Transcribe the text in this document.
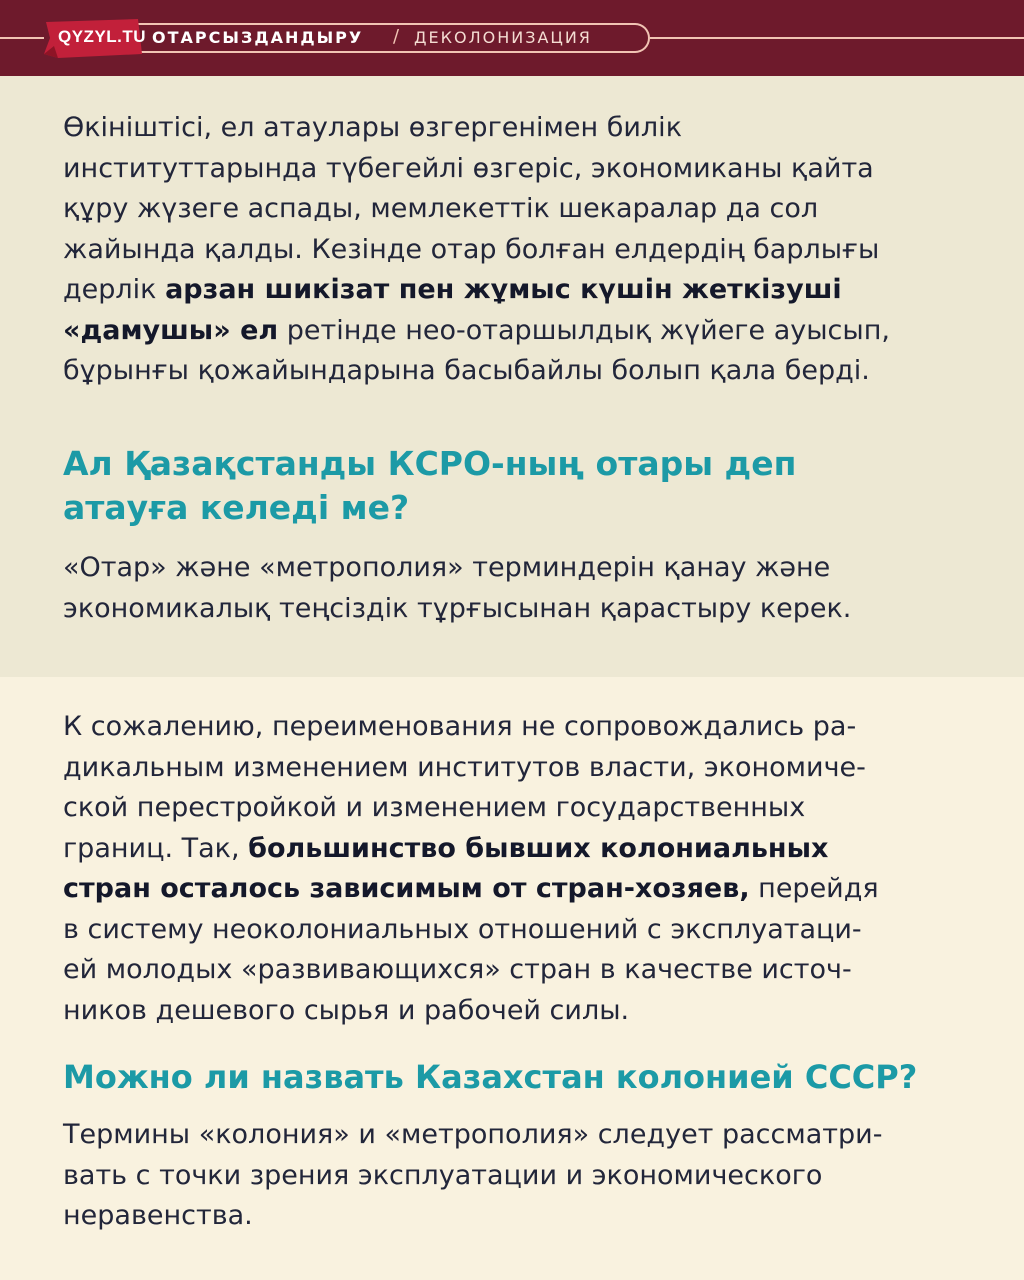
QYZYL.TU ОТАРСЫЗДАНДЫРУ / ДЕКОЛОНИЗАЦИЯ

Өкініштісі, ел атаулары өзгергенімен билік
институттарында түбегейлі өзгеріс, экономиканы қайта
құру жүзеге аспады, мемлекеттік шекаралар да сол
жайында қалды. Кезінде отар болған елдердің барлығы
дерлік арзан шикізат пен жұмыс күшін жеткізуші
«дамушы» ел ретінде нео-отаршылдық жүйеге ауысып,
бұрынғы қожайындарына басыбайлы болып қала берді.

Ал Қазақстанды КСРО-ның отары деп
атауға келеді ме?

«Отар» және «метрополия» терминдерін қанау және
экономикалық теңсіздік тұрғысынан қарастыру керек.

К сожалению, переименования не сопровождались ра-
дикальным изменением институтов власти, экономиче-
ской перестройкой и изменением государственных
границ. Так, большинство бывших колониальных
стран осталось зависимым от стран-хозяев, перейдя
в систему неоколониальных отношений с эксплуатаци-
ей молодых «развивающихся» стран в качестве источ-
ников дешевого сырья и рабочей силы.

Можно ли назвать Казахстан колонией СССР?

Термины «колония» и «метрополия» следует рассматри-
вать с точки зрения эксплуатации и экономического
неравенства.
